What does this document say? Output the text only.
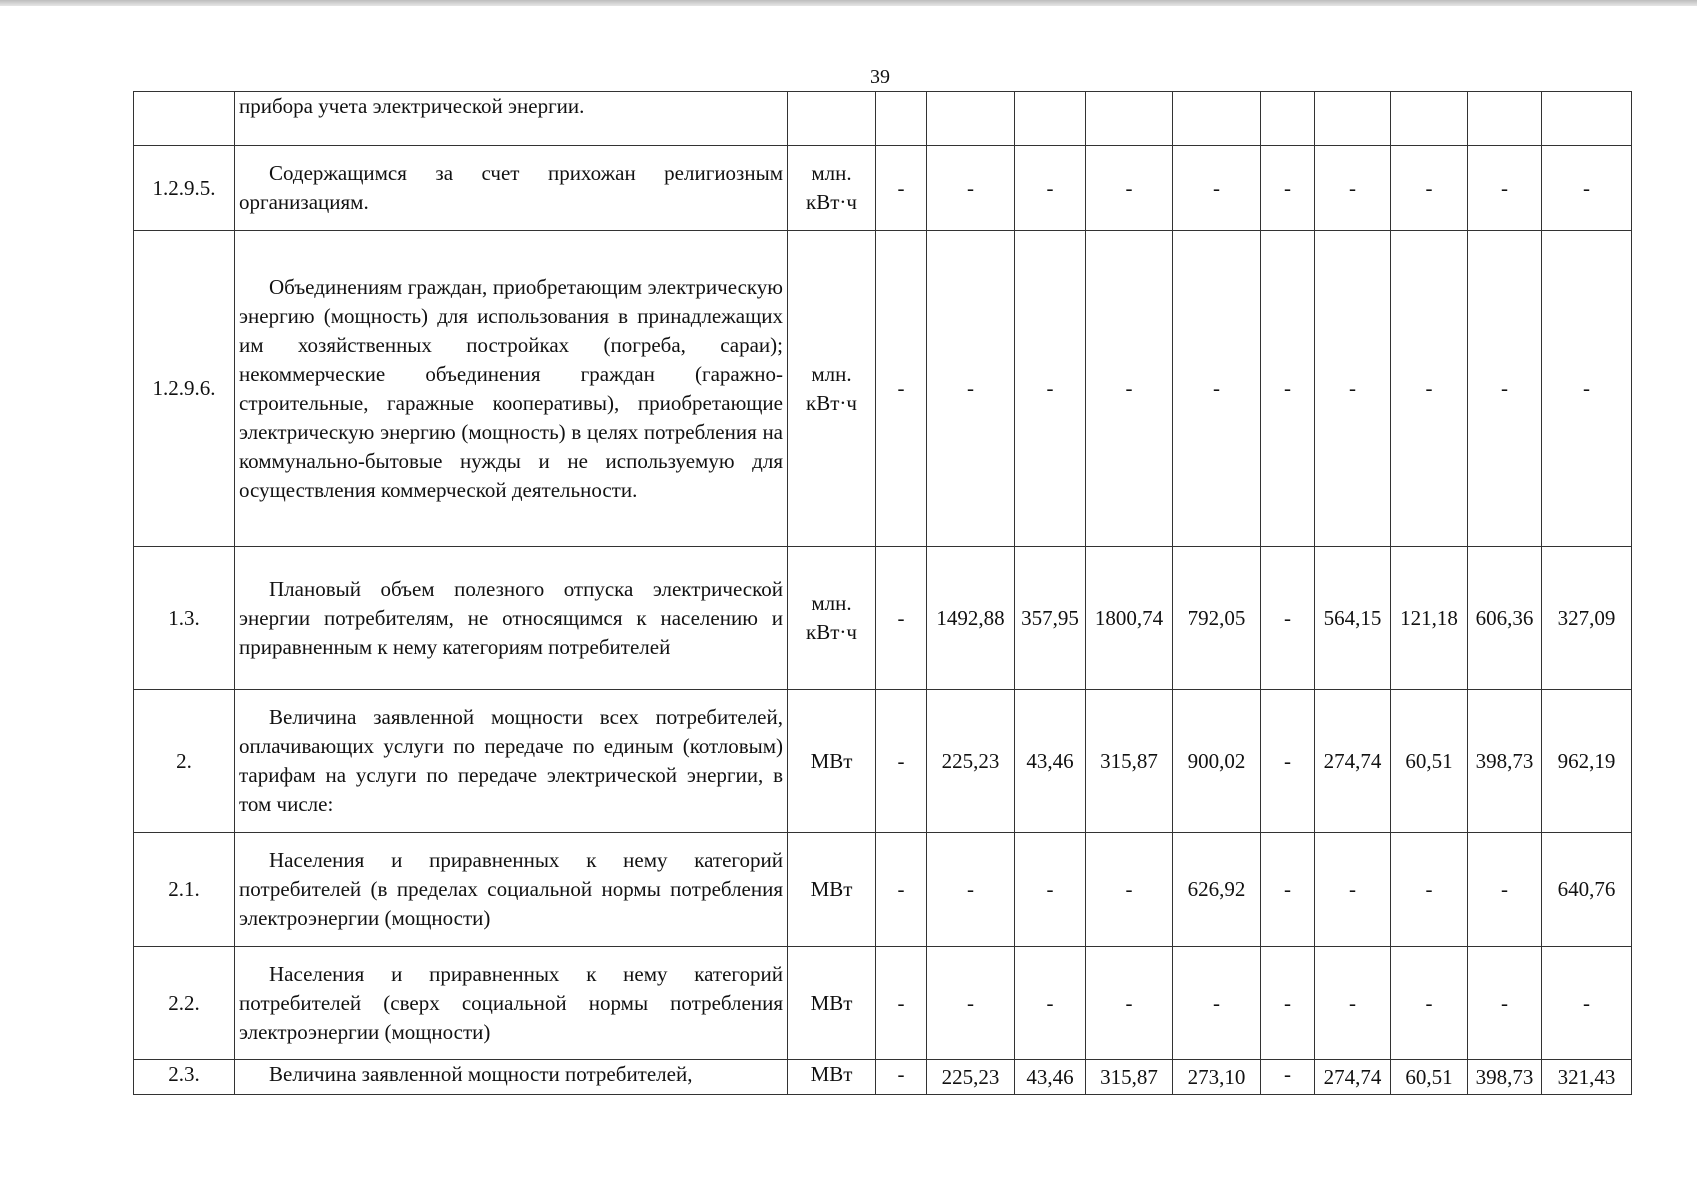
39

	прибора учета электрической энергии.											

1.2.9.5.	Содержащимся за счет прихожан религиозным организациям.	млн. кВт·ч	-	-	-	-	-	-	-	-	-	-
1.2.9.6.	Объединениям граждан, приобретающим электрическую энергию (мощность) для использования в принадлежащих им хозяйственных постройках (погреба, сараи); некоммерческие объединения граждан (гаражно-строительные, гаражные кооперативы), приобретающие электрическую энергию (мощность) в целях потребления на коммунально-бытовые нужды и не используемую для осуществления коммерческой деятельности.	млн. кВт·ч	-	-	-	-	-	-	-	-	-	-
1.3.	Плановый объем полезного отпуска электрической энергии потребителям, не относящимся к населению и приравненным к нему категориям потребителей	млн. кВт·ч	-	1492,88	357,95	1800,74	792,05	-	564,15	121,18	606,36	327,09
2.	Величина заявленной мощности всех потребителей, оплачивающих услуги по передаче по единым (котловым) тарифам на услуги по передаче электрической энергии, в том числе:	МВт	-	225,23	43,46	315,87	900,02	-	274,74	60,51	398,73	962,19
2.1.	Населения и приравненных к нему категорий потребителей (в пределах социальной нормы потребления электроэнергии (мощности)	МВт	-	-	-	-	626,92	-	-	-	-	640,76
2.2.	Населения и приравненных к нему категорий потребителей (сверх социальной нормы потребления электроэнергии (мощности)	МВт	-	-	-	-	-	-	-	-	-	-
2.3.	Величина заявленной мощности потребителей,	МВт	-	225,23	43,46	315,87	273,10	-	274,74	60,51	398,73	321,43
